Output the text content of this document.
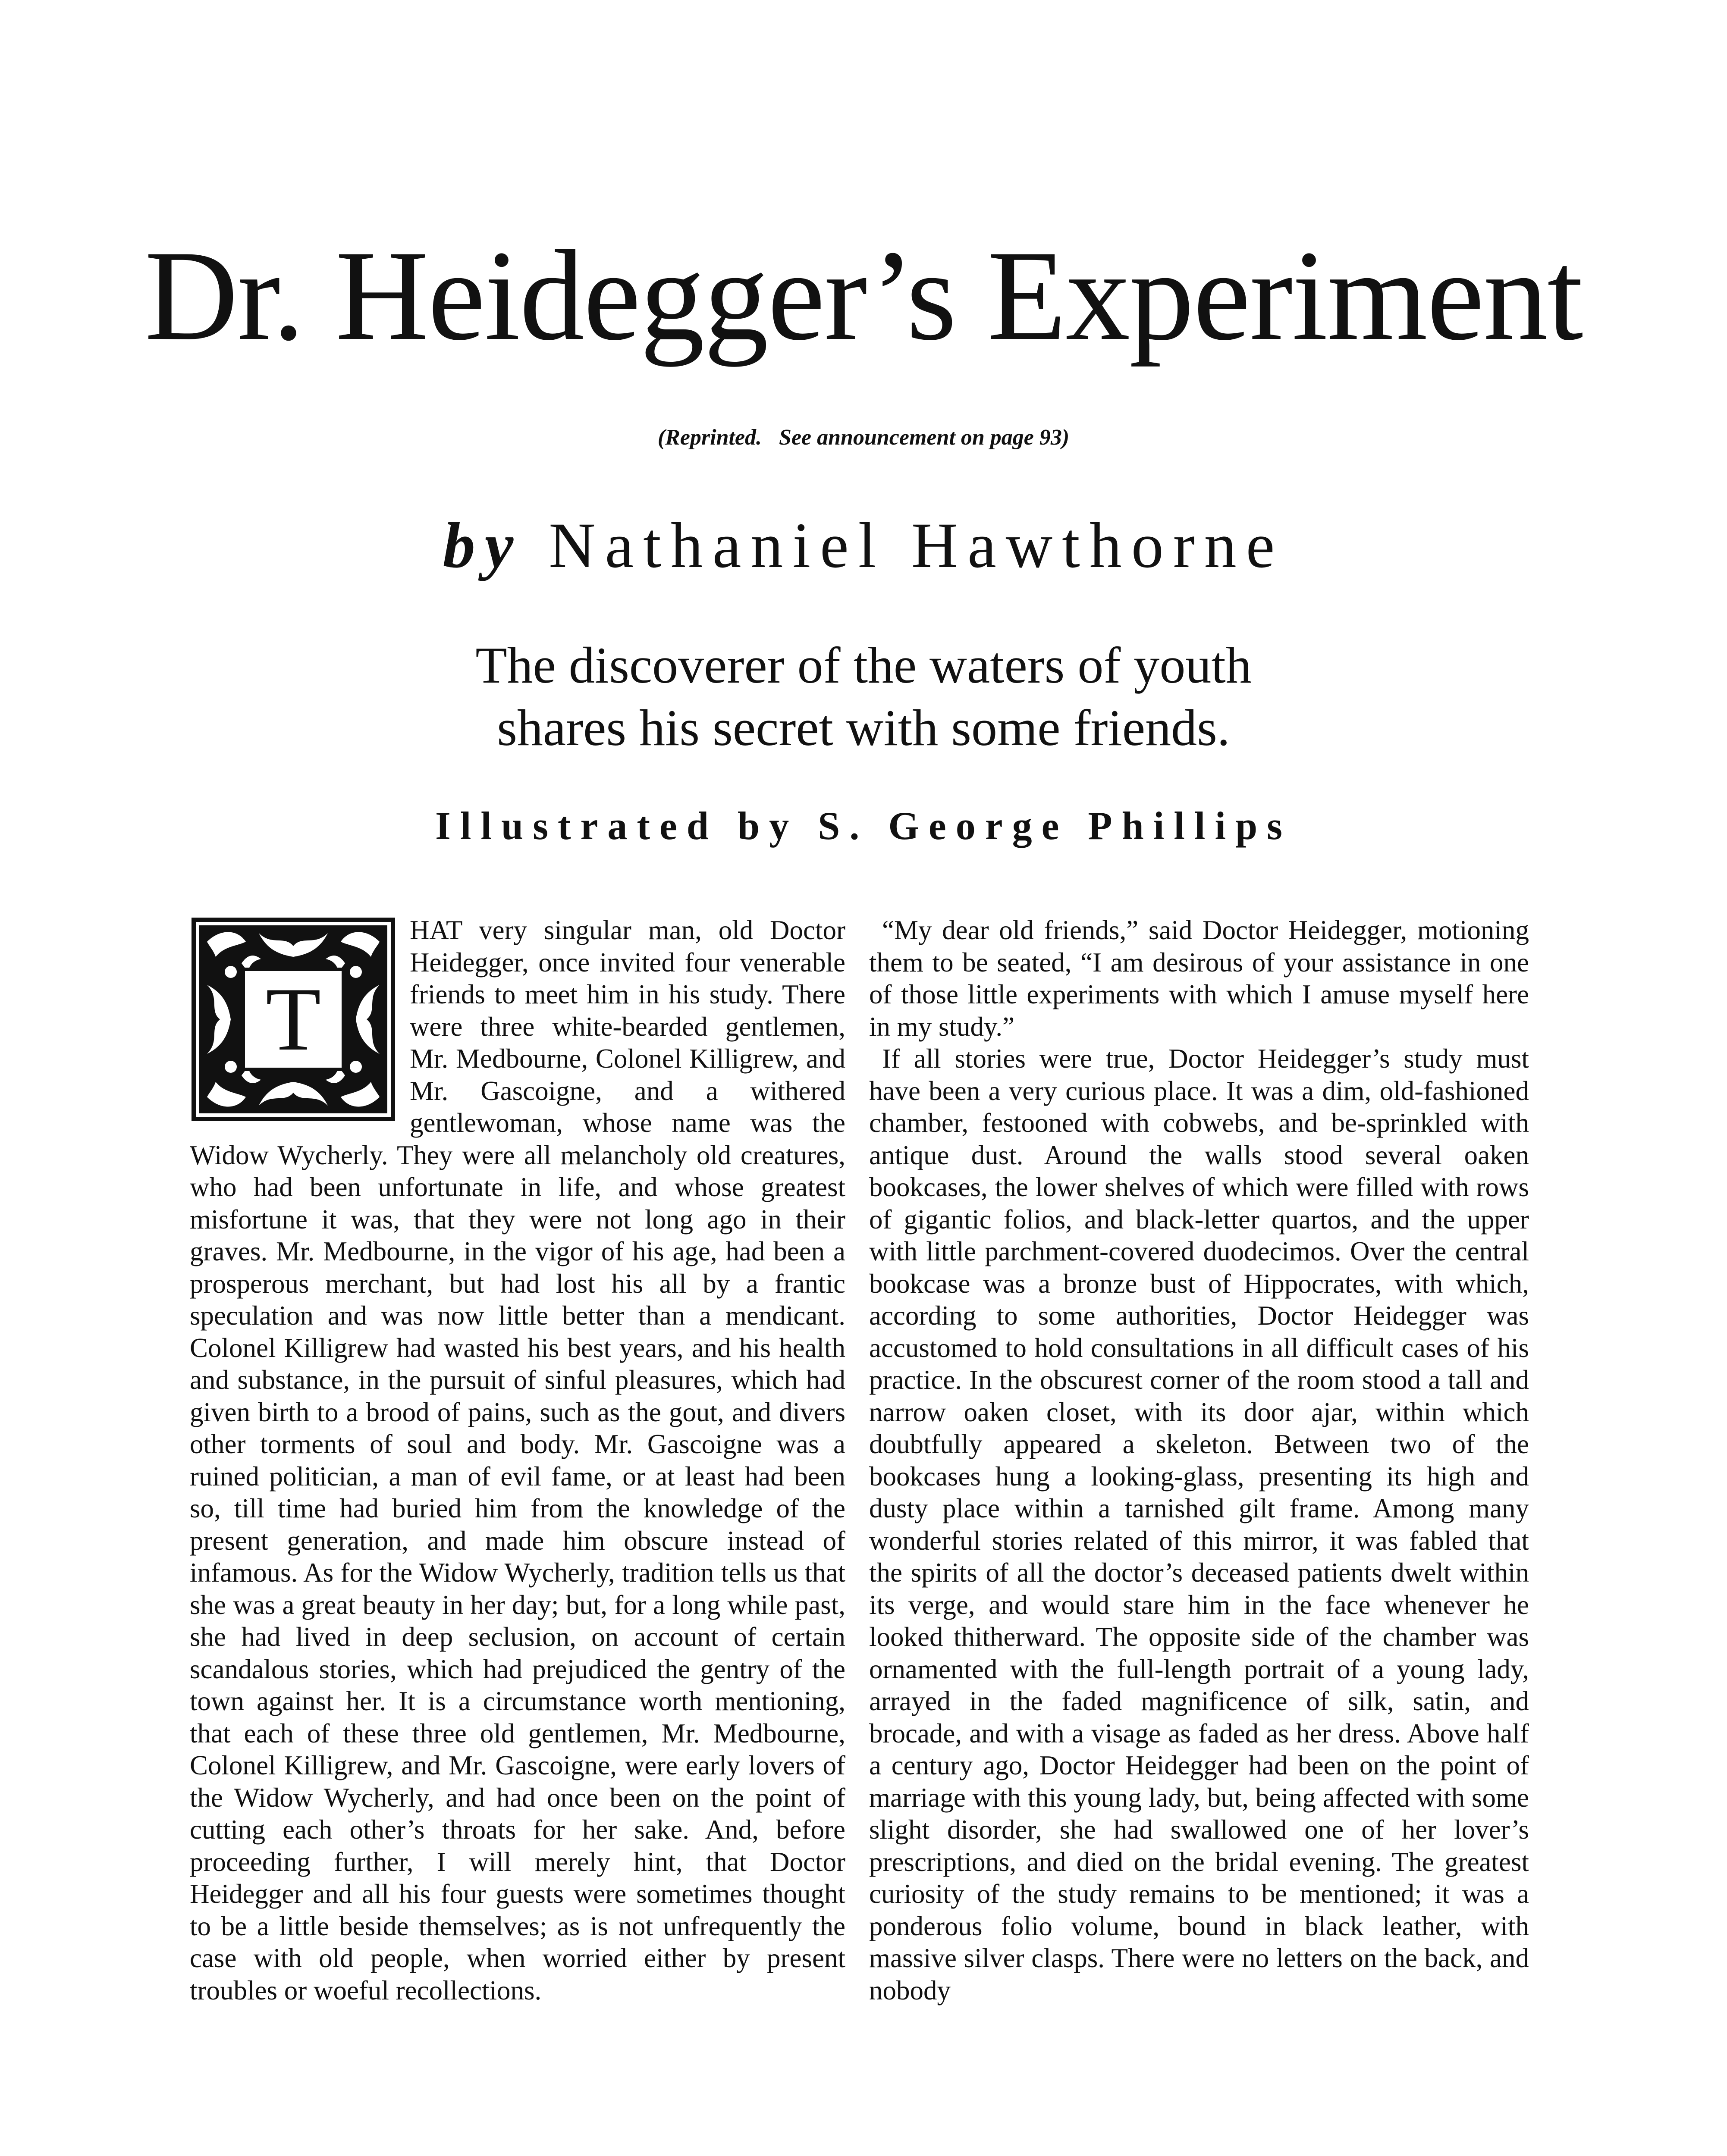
Dr. Heidegger’s Experiment
(Reprinted. See announcement on page 93)
by Nathaniel Hawthorne
The discoverer of the waters of youth
shares his secret with some friends.
Illustrated by S. George Phillips
T

HAT very singular man, old Doctor Heidegger, once invited four venerable friends to meet him in his study. There were three white-bearded gentlemen, Mr. Medbourne, Colonel Killigrew, and Mr. Gascoigne, and a withered gentlewoman, whose name was the Widow Wycherly. They were all melancholy old creatures, who had been unfortunate in life, and whose greatest misfortune it was, that they were not long ago in their graves. Mr. Medbourne, in the vigor of his age, had been a prosperous merchant, but had lost his all by a frantic speculation and was now little better than a mendicant. Colonel Killigrew had wasted his best years, and his health and substance, in the pursuit of sinful pleasures, which had given birth to a brood of pains, such as the gout, and divers other torments of soul and body. Mr. Gascoigne was a ruined politician, a man of evil fame, or at least had been so, till time had buried him from the knowledge of the present generation, and made him obscure instead of infamous. As for the Widow Wycherly, tradition tells us that she was a great beauty in her day; but, for a long while past, she had lived in deep seclusion, on account of certain scandalous stories, which had prejudiced the gentry of the town against her. It is a circumstance worth mentioning, that each of these three old gentlemen, Mr. Medbourne, Colonel Killigrew, and Mr. Gascoigne, were early lovers of the Widow Wycherly, and had once been on the point of cutting each other’s throats for her sake. And, before proceeding further, I will merely hint, that Doctor Heidegger and all his four guests were sometimes thought to be a little beside themselves; as is not unfrequently the case with old people, when worried either by present troubles or woeful recollections.

“My dear old friends,” said Doctor Heidegger, motioning them to be seated, “I am desirous of your assistance in one of those little experiments with which I amuse myself here in my study.”

If all stories were true, Doctor Heidegger’s study must have been a very curious place. It was a dim, old-fashioned chamber, festooned with cobwebs, and be-sprinkled with antique dust. Around the walls stood several oaken bookcases, the lower shelves of which were filled with rows of gigantic folios, and black-letter quartos, and the upper with little parchment-covered duodecimos. Over the central bookcase was a bronze bust of Hippocrates, with which, according to some authorities, Doctor Heidegger was accustomed to hold consultations in all difficult cases of his practice. In the obscurest corner of the room stood a tall and narrow oaken closet, with its door ajar, within which doubtfully appeared a skeleton. Between two of the bookcases hung a looking-glass, presenting its high and dusty place within a tarnished gilt frame. Among many wonderful stories related of this mirror, it was fabled that the spirits of all the doctor’s deceased patients dwelt within its verge, and would stare him in the face whenever he looked thitherward. The opposite side of the chamber was ornamented with the full-length portrait of a young lady, arrayed in the faded magnificence of silk, satin, and brocade, and with a visage as faded as her dress. Above half a century ago, Doctor Heidegger had been on the point of marriage with this young lady, but, being affected with some slight disorder, she had swallowed one of her lover’s prescriptions, and died on the bridal evening. The greatest curiosity of the study remains to be mentioned; it was a ponderous folio volume, bound in black leather, with massive silver clasps. There were no letters on the back, and nobody
